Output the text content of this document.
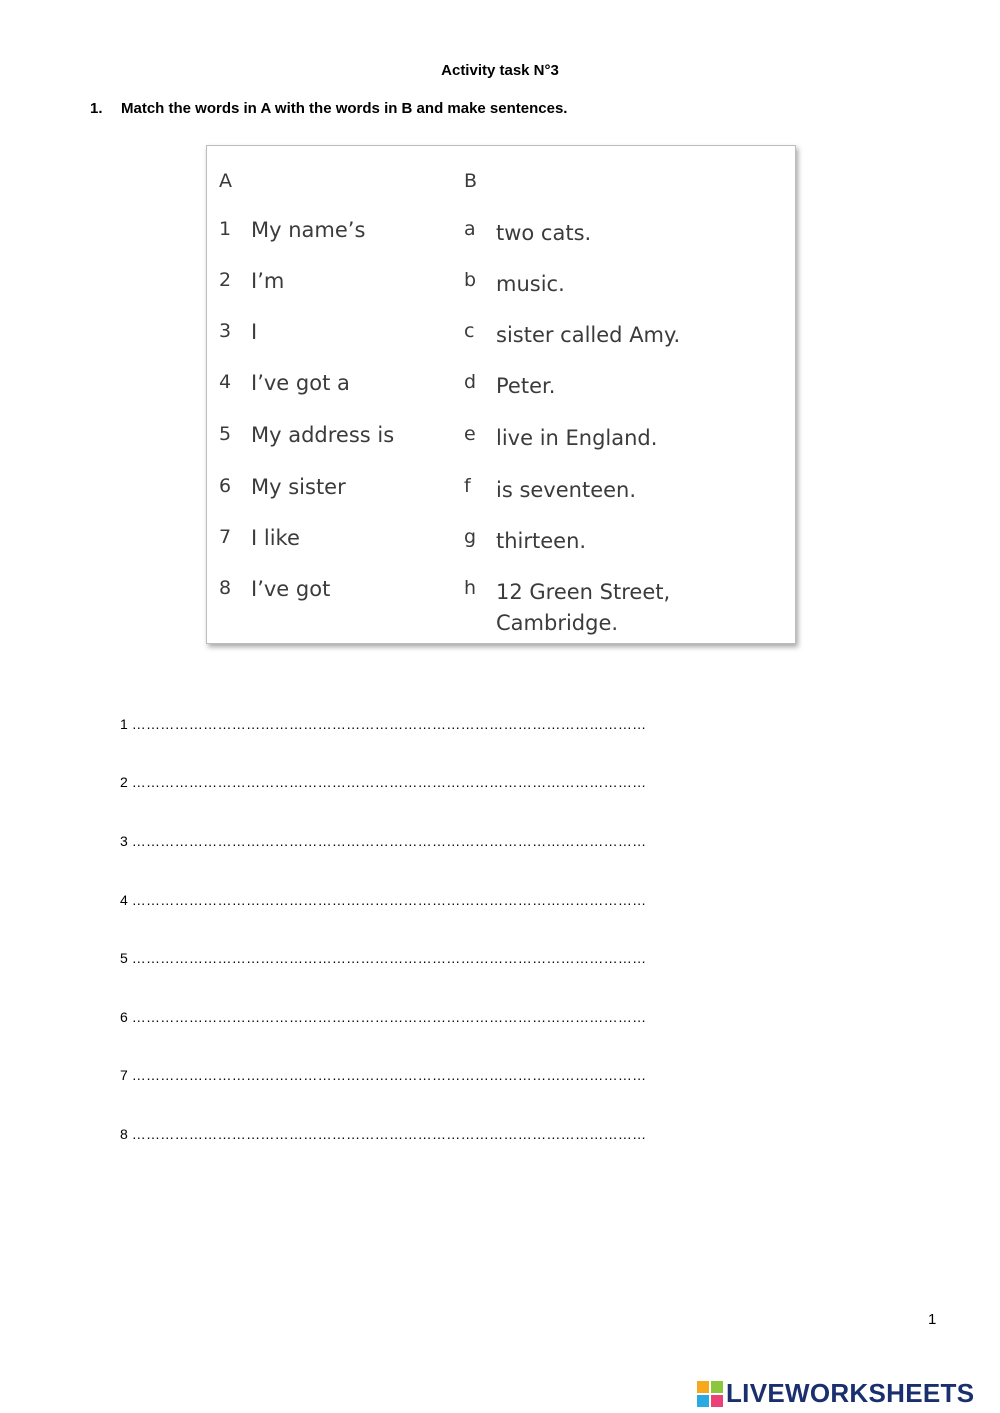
Activity task N°3
1. Match the words in A with the words in B and make sentences.
A	B
1 My name’s	a two cats.
2 I’m	b music.
3 I	c sister called Amy.
4 I’ve got a	d Peter.
5 My address is	e live in England.
6 My sister	f is seventeen.
7 I like	g thirteen.
8 I’ve got	h 12 Green Street, Cambridge.
1 ………………………………………………………………………………………………
2 ………………………………………………………………………………………………
3 ………………………………………………………………………………………………
4 ………………………………………………………………………………………………
5 ………………………………………………………………………………………………
6 ………………………………………………………………………………………………
7 ………………………………………………………………………………………………
8 ………………………………………………………………………………………………
1
LIVEWORKSHEETS
